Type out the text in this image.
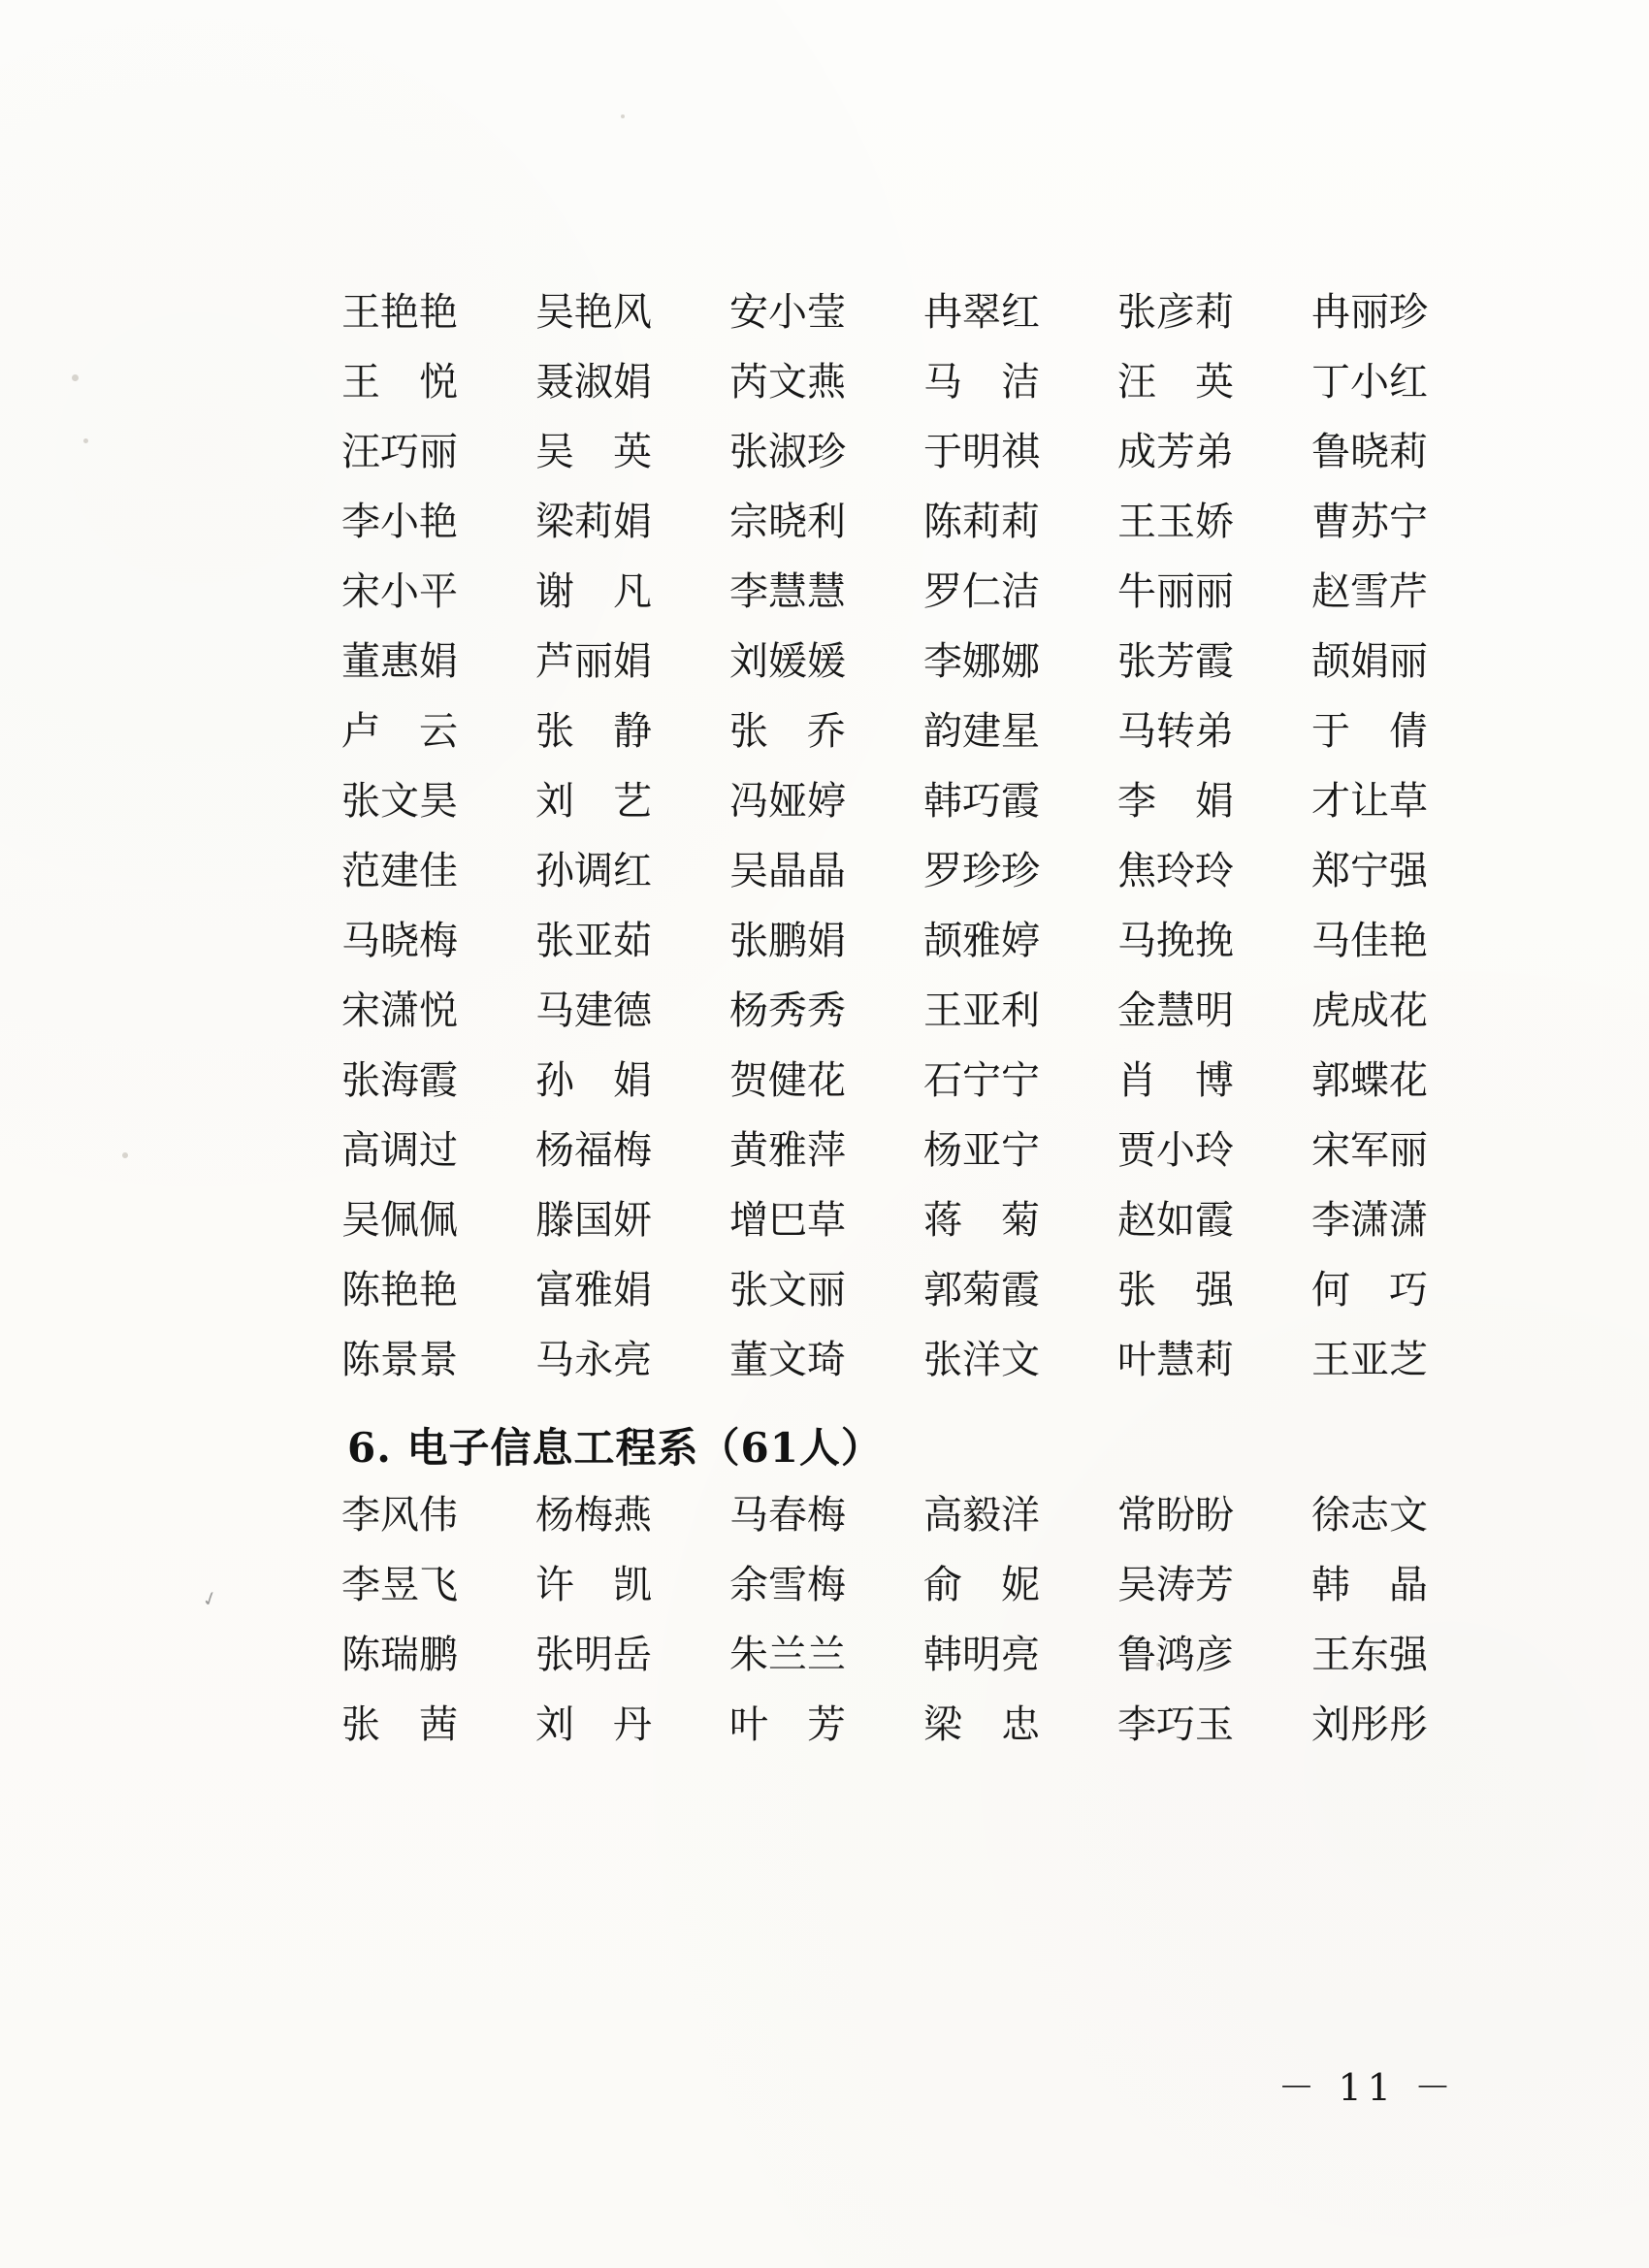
✓
王艳艳	吴艳风	安小莹	冉翠红	张彦莉	冉丽珍
王　悦	聂淑娟	芮文燕	马　洁	汪　英	丁小红
汪巧丽	吴　英	张淑珍	于明祺	成芳弟	鲁晓莉
李小艳	梁莉娟	宗晓利	陈莉莉	王玉娇	曹苏宁
宋小平	谢　凡	李慧慧	罗仁洁	牛丽丽	赵雪芹
董惠娟	芦丽娟	刘媛媛	李娜娜	张芳霞	颉娟丽
卢　云	张　静	张　乔	韵建星	马转弟	于　倩
张文昊	刘　艺	冯娅婷	韩巧霞	李　娟	才让草
范建佳	孙调红	吴晶晶	罗珍珍	焦玲玲	郑宁强
马晓梅	张亚茹	张鹏娟	颉雅婷	马挽挽	马佳艳
宋潇悦	马建德	杨秀秀	王亚利	金慧明	虎成花
张海霞	孙　娟	贺健花	石宁宁	肖　博	郭蝶花
高调过	杨福梅	黄雅萍	杨亚宁	贾小玲	宋军丽
吴佩佩	滕国妍	增巴草	蒋　菊	赵如霞	李潇潇
陈艳艳	富雅娟	张文丽	郭菊霞	张　强	何　巧
陈景景	马永亮	董文琦	张洋文	叶慧莉	王亚芝
6. 电子信息工程系（61人）
李风伟	杨梅燕	马春梅	高毅洋	常盼盼	徐志文
李昱飞	许　凯	余雪梅	俞　妮	吴涛芳	韩　晶
陈瑞鹏	张明岳	朱兰兰	韩明亮	鲁鸿彦	王东强
张　茜	刘　丹	叶　芳	梁　忠	李巧玉	刘彤彤
－ 11 －
